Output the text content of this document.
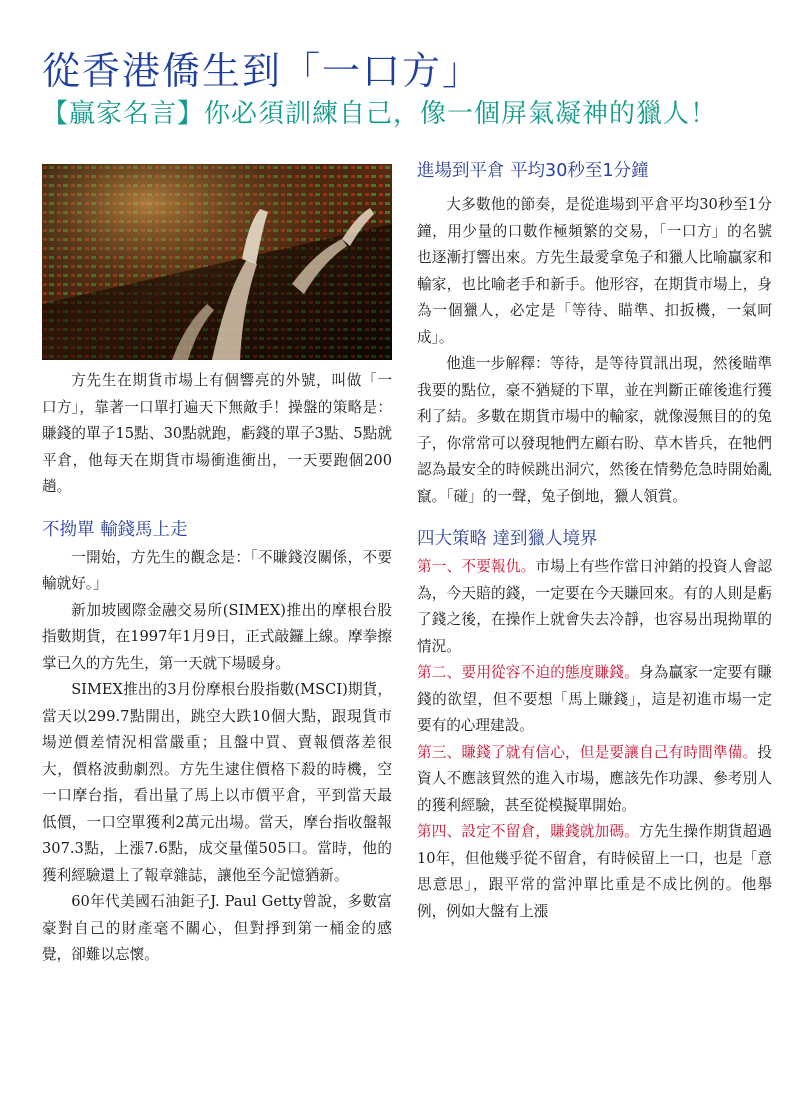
從香港僑生到「一口方」
【贏家名言】你必須訓練自己，像一個屏氣凝神的獵人！

方先生在期貨市場上有個響亮的外號，叫做「一口方」，靠著一口單打遍天下無敵手！操盤的策略是：賺錢的單子15點、30點就跑，虧錢的單子3點、5點就平倉，他每天在期貨市場衝進衝出，一天要跑個200趟。

不拗單 輸錢馬上走

一開始，方先生的觀念是：「不賺錢沒關係，不要輸就好。」

新加坡國際金融交易所(SIMEX)推出的摩根台股指數期貨，在1997年1月9日，正式敲鑼上線。摩拳擦掌已久的方先生，第一天就下場暖身。

SIMEX推出的3月份摩根台股指數(MSCI)期貨，當天以299.7點開出，跳空大跌10個大點，跟現貨市場逆價差情況相當嚴重；且盤中買、賣報價落差很大，價格波動劇烈。方先生逮住價格下殺的時機，空一口摩台指，看出量了馬上以市價平倉，平到當天最低價，一口空單獲利2萬元出場。當天，摩台指收盤報307.3點，上漲7.6點，成交量僅505口。當時，他的獲利經驗還上了報章雜誌，讓他至今記憶猶新。

60年代美國石油鉅子J. Paul Getty曾說，多數富豪對自己的財產毫不關心，但對掙到第一桶金的感覺，卻難以忘懷。

進場到平倉 平均30秒至1分鐘

大多數他的節奏，是從進場到平倉平均30秒至1分鐘，用少量的口數作極頻繁的交易，「一口方」的名號也逐漸打響出來。方先生最愛拿兔子和獵人比喻贏家和輸家，也比喻老手和新手。他形容，在期貨市場上，身為一個獵人，必定是「等待、瞄準、扣扳機，一氣呵成」。

他進一步解釋：等待，是等待買訊出現，然後瞄準我要的點位，豪不猶疑的下單，並在判斷正確後進行獲利了結。多數在期貨市場中的輸家，就像漫無目的的兔子，你常常可以發現牠們左顧右盼、草木皆兵，在牠們認為最安全的時候跳出洞穴，然後在情勢危急時開始亂竄。「碰」的一聲，兔子倒地，獵人領賞。

四大策略 達到獵人境界

第一、不要報仇。市場上有些作當日沖銷的投資人會認為，今天賠的錢，一定要在今天賺回來。有的人則是虧了錢之後，在操作上就會失去冷靜，也容易出現拗單的情況。

第二、要用從容不迫的態度賺錢。身為贏家一定要有賺錢的欲望，但不要想「馬上賺錢」，這是初進市場一定要有的心理建設。

第三、賺錢了就有信心，但是要讓自己有時間準備。投資人不應該貿然的進入市場，應該先作功課、參考別人的獲利經驗，甚至從模擬單開始。

第四、設定不留倉，賺錢就加碼。方先生操作期貨超過10年，但他幾乎從不留倉，有時候留上一口，也是「意思意思」，跟平常的當沖單比重是不成比例的。他舉例，例如大盤有上漲
